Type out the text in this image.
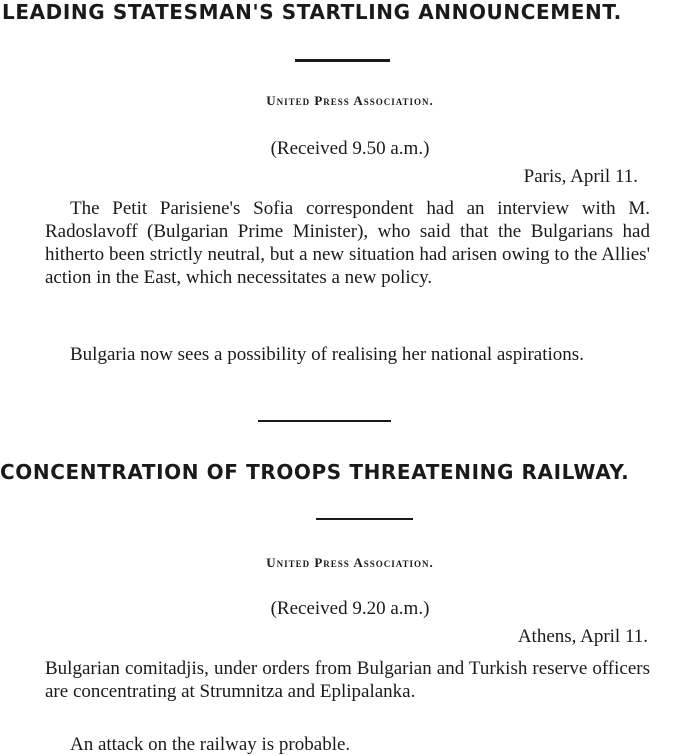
LEADING STATESMAN'S STARTLING ANNOUNCEMENT.
United Press Association.
(Received 9.50 a.m.)
Paris, April 11.

The Petit Parisiene's Sofia correspondent had an interview with M. Radoslavoff (Bulgarian Prime Minister), who said that the Bulgarians had hitherto been strictly neutral, but a new situation had arisen owing to the Allies' action in the East, which necessitates a new policy.

Bulgaria now sees a possibility of realising her national aspirations.

CONCENTRATION OF TROOPS THREATENING RAILWAY.
United Press Association.
(Received 9.20 a.m.)
Athens, April 11.

Bulgarian comitadjis, under orders from Bulgarian and Turkish reserve officers are concentrating at Strumnitza and Eplipalanka.

An attack on the railway is probable.
